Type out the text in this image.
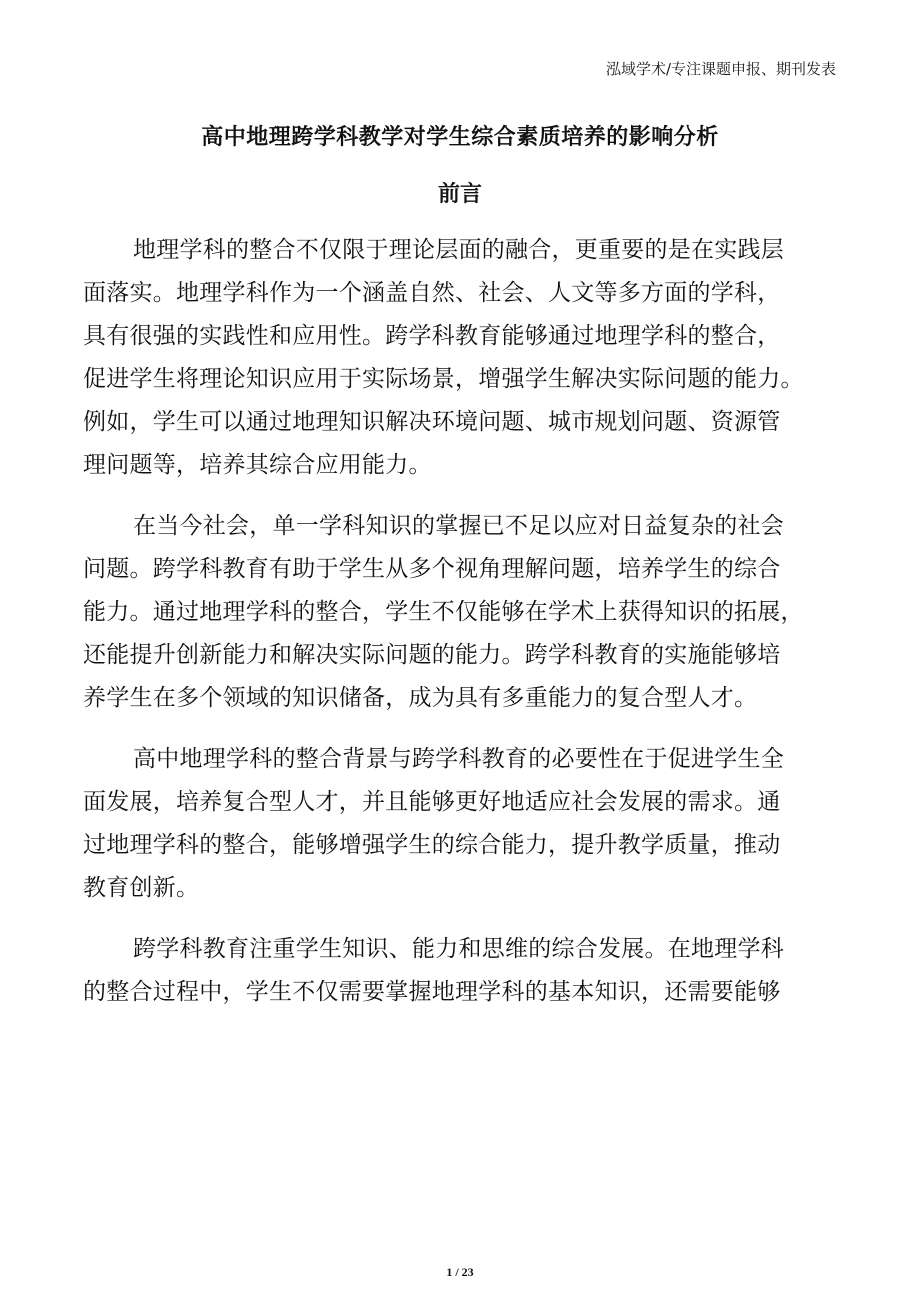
泓域学术/专注课题申报、期刊发表
高中地理跨学科教学对学生综合素质培养的影响分析
前言
地理学科的整合不仅限于理论层面的融合，更重要的是在实践层
面落实。地理学科作为一个涵盖自然、社会、人文等多方面的学科，
具有很强的实践性和应用性。跨学科教育能够通过地理学科的整合，
促进学生将理论知识应用于实际场景，增强学生解决实际问题的能力。
例如，学生可以通过地理知识解决环境问题、城市规划问题、资源管
理问题等，培养其综合应用能力。
在当今社会，单一学科知识的掌握已不足以应对日益复杂的社会
问题。跨学科教育有助于学生从多个视角理解问题，培养学生的综合
能力。通过地理学科的整合，学生不仅能够在学术上获得知识的拓展，
还能提升创新能力和解决实际问题的能力。跨学科教育的实施能够培
养学生在多个领域的知识储备，成为具有多重能力的复合型人才。
高中地理学科的整合背景与跨学科教育的必要性在于促进学生全
面发展，培养复合型人才，并且能够更好地适应社会发展的需求。通
过地理学科的整合，能够增强学生的综合能力，提升教学质量，推动
教育创新。
跨学科教育注重学生知识、能力和思维的综合发展。在地理学科
的整合过程中，学生不仅需要掌握地理学科的基本知识，还需要能够
1 / 23
